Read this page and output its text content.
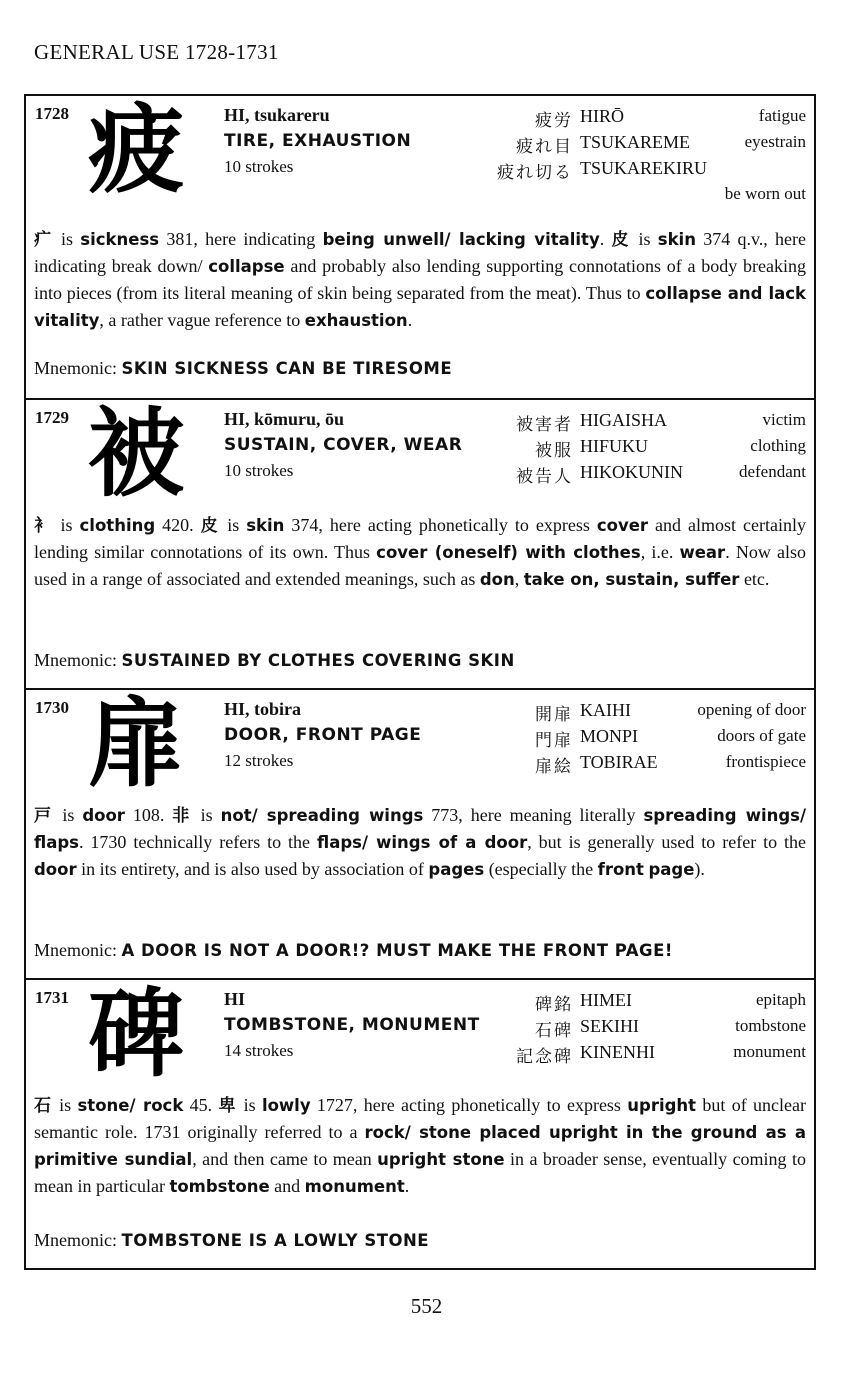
GENERAL USE 1728-1731
1728 疲 HI, tsukareru
TIRE, EXHAUSTION
10 strokes
疲労 HIRŌ	fatigue
疲れ目 TSUKAREME	eyestrain
疲れ切る TSUKAREKIRU
be worn out
疒 is sickness 381, here indicating being unwell/ lacking vitality. 皮 is skin 374 q.v., here indicating break down/ collapse and probably also lending supporting connotations of a body breaking into pieces (from its literal meaning of skin being separated from the meat). Thus to collapse and lack vitality, a rather vague reference to exhaustion.
Mnemonic: SKIN SICKNESS CAN BE TIRESOME
1729 被 HI, kōmuru, ōu
SUSTAIN, COVER, WEAR
10 strokes
被害者 HIGAISHA	victim
被服 HIFUKU	clothing
被告人 HIKOKUNIN	defendant
衤 is clothing 420. 皮 is skin 374, here acting phonetically to express cover and almost certainly lending similar connotations of its own. Thus cover (oneself) with clothes, i.e. wear. Now also used in a range of associated and extended meanings, such as don, take on, sustain, suffer etc.
Mnemonic: SUSTAINED BY CLOTHES COVERING SKIN
1730 扉 HI, tobira
DOOR, FRONT PAGE
12 strokes
開扉 KAIHI	opening of door
門扉 MONPI	doors of gate
扉絵 TOBIRAE	frontispiece
戸 is door 108. 非 is not/ spreading wings 773, here meaning literally spreading wings/ flaps. 1730 technically refers to the flaps/ wings of a door, but is generally used to refer to the door in its entirety, and is also used by association of pages (especially the front page).
Mnemonic: A DOOR IS NOT A DOOR!? MUST MAKE THE FRONT PAGE!
1731 碑 HI
TOMBSTONE, MONUMENT
14 strokes
碑銘 HIMEI	epitaph
石碑 SEKIHI	tombstone
記念碑 KINENHI	monument
石 is stone/ rock 45. 卑 is lowly 1727, here acting phonetically to express upright but of unclear semantic role. 1731 originally referred to a rock/ stone placed upright in the ground as a primitive sundial, and then came to mean upright stone in a broader sense, eventually coming to mean in particular tombstone and monument.
Mnemonic: TOMBSTONE IS A LOWLY STONE
552
